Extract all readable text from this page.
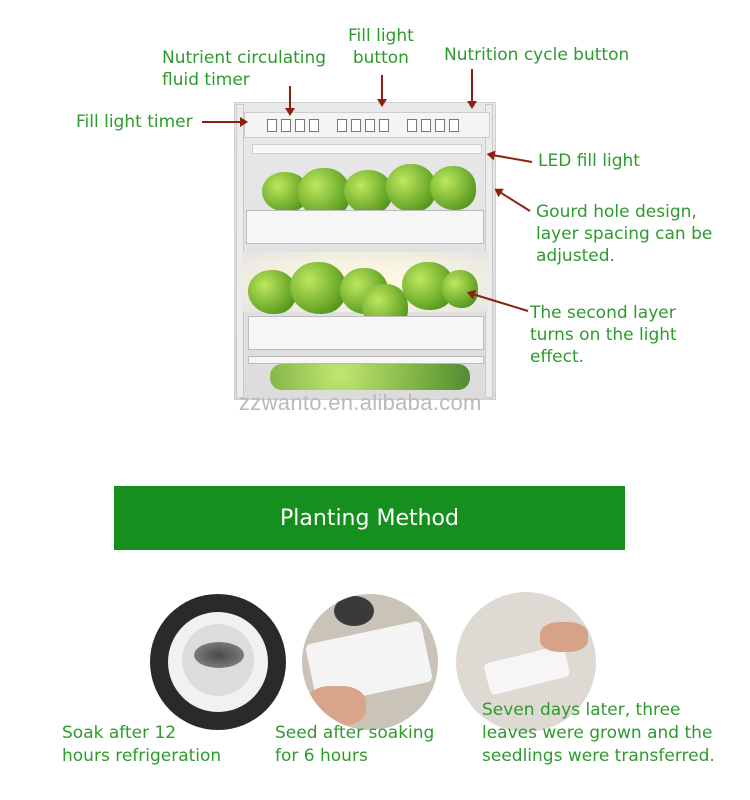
Nutrient circulating
fluid timer
Fill light
button Nutrition cycle button
Fill light timer
LED fill light
Gourd hole design,
layer spacing can be
adjusted.
The second layer
turns on the light
effect.
zzwanto.en.alibaba.com
Planting Method
Soak after 12
hours refrigeration
Seed after soaking
for 6 hours
Seven days later, three
leaves were grown and the
seedlings were transferred.
